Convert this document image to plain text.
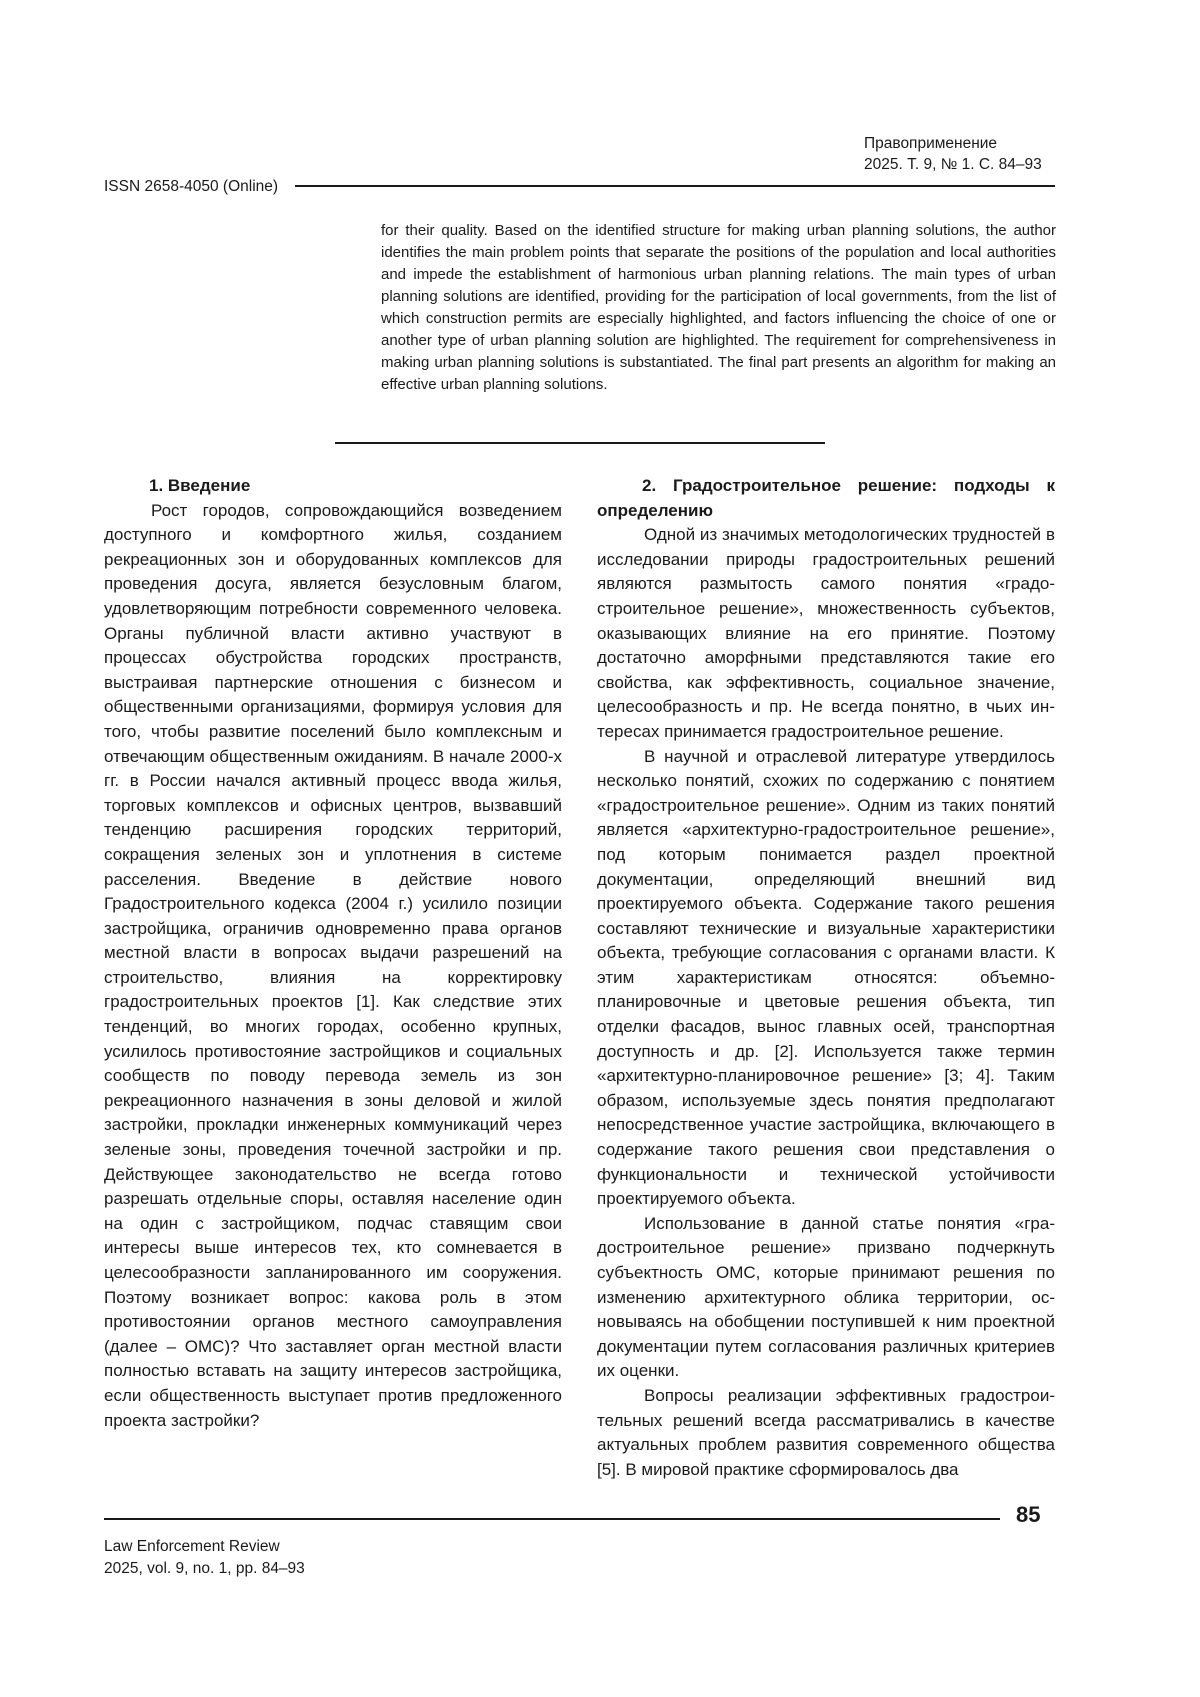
Правоприменение
2025. Т. 9, № 1. С. 84–93
ISSN 2658-4050 (Online)
for their quality. Based on the identified structure for making urban planning solutions, the author identifies the main problem points that separate the positions of the population and local authorities and impede the establishment of harmonious urban planning relations. The main types of urban planning solutions are identified, providing for the participation of local governments, from the list of which construction permits are especially highlighted, and factors influencing the choice of one or another type of urban planning solution are highlighted. The requirement for comprehensiveness in making urban planning solutions is substantiated. The final part presents an algorithm for making an effective urban planning solutions.
1. Введение

Рост городов, сопровождающийся возведением доступного и комфортного жилья, созданием рекреационных зон и оборудованных комплексов для проведения досуга, является безусловным благом, удовлетворяющим потребности современного человека. Органы публичной власти активно участвуют в процессах обустройства городских пространств, выстраивая партнерские отношения с бизнесом и общественными организациями, формируя условия для того, чтобы развитие поселений было комплексным и отвечающим общественным ожиданиям. В начале 2000-х гг. в России начался активный процесс ввода жилья, торговых комплексов и офисных центров, вызвавший тенденцию расширения городских территорий, сокращения зеленых зон и уплотнения в системе расселения. Введение в действие нового Градостроительного кодекса (2004 г.) усилило позиции застройщика, ограничив одновременно права органов местной власти в вопросах выдачи разрешений на строительство, влияния на корректировку градостроительных проектов [1]. Как следствие этих тенденций, во многих городах, особенно крупных, усилилось противостояние застройщиков и социальных сообществ по поводу перевода земель из зон рекреационного назначения в зоны деловой и жилой застройки, прокладки инженерных коммуникаций через зеленые зоны, проведения точечной застройки и пр. Действующее законодательство не всегда готово разрешать отдельные споры, оставляя население один на один с застройщиком, подчас ставящим свои интересы выше интересов тех, кто сомневается в целесообразности запланированного им сооружения. Поэтому возникает вопрос: какова роль в этом противостоянии органов местного самоуправления (далее – ОМС)? Что заставляет орган местной власти полностью вставать на защиту интересов застройщика, если общественность выступает против предложенного проекта застройки?

2. Градостроительное решение: подходы к определению

Одной из значимых методологических трудностей в исследовании природы градостроительных решений являются размытость самого понятия «градостроительное решение», множественность субъектов, оказывающих влияние на его принятие. Поэтому достаточно аморфными представляются такие его свойства, как эффективность, социальное значение, целесообразность и пр. Не всегда понятно, в чьих интересах принимается градостроительное решение.

В научной и отраслевой литературе утвердилось несколько понятий, схожих по содержанию с понятием «градостроительное решение». Одним из таких понятий является «архитектурно-градостроительное решение», под которым понимается раздел проектной документации, определяющий внешний вид проектируемого объекта. Содержание такого решения составляют технические и визуальные характеристики объекта, требующие согласования с органами власти. К этим характеристикам относятся: объемно-планировочные и цветовые решения объекта, тип отделки фасадов, вынос главных осей, транспортная доступность и др. [2]. Используется также термин «архитектурно-планировочное решение» [3; 4]. Таким образом, используемые здесь понятия предполагают непосредственное участие застройщика, включающего в содержание такого решения свои представления о функциональности и технической устойчивости проектируемого объекта.

Использование в данной статье понятия «градостроительное решение» призвано подчеркнуть субъектность ОМС, которые принимают решения по изменению архитектурного облика территории, основываясь на обобщении поступившей к ним проектной документации путем согласования различных критериев их оценки.

Вопросы реализации эффективных градостроительных решений всегда рассматривались в качестве актуальных проблем развития современного общества [5]. В мировой практике сформировалось два

85
Law Enforcement Review
2025, vol. 9, no. 1, pp. 84–93
